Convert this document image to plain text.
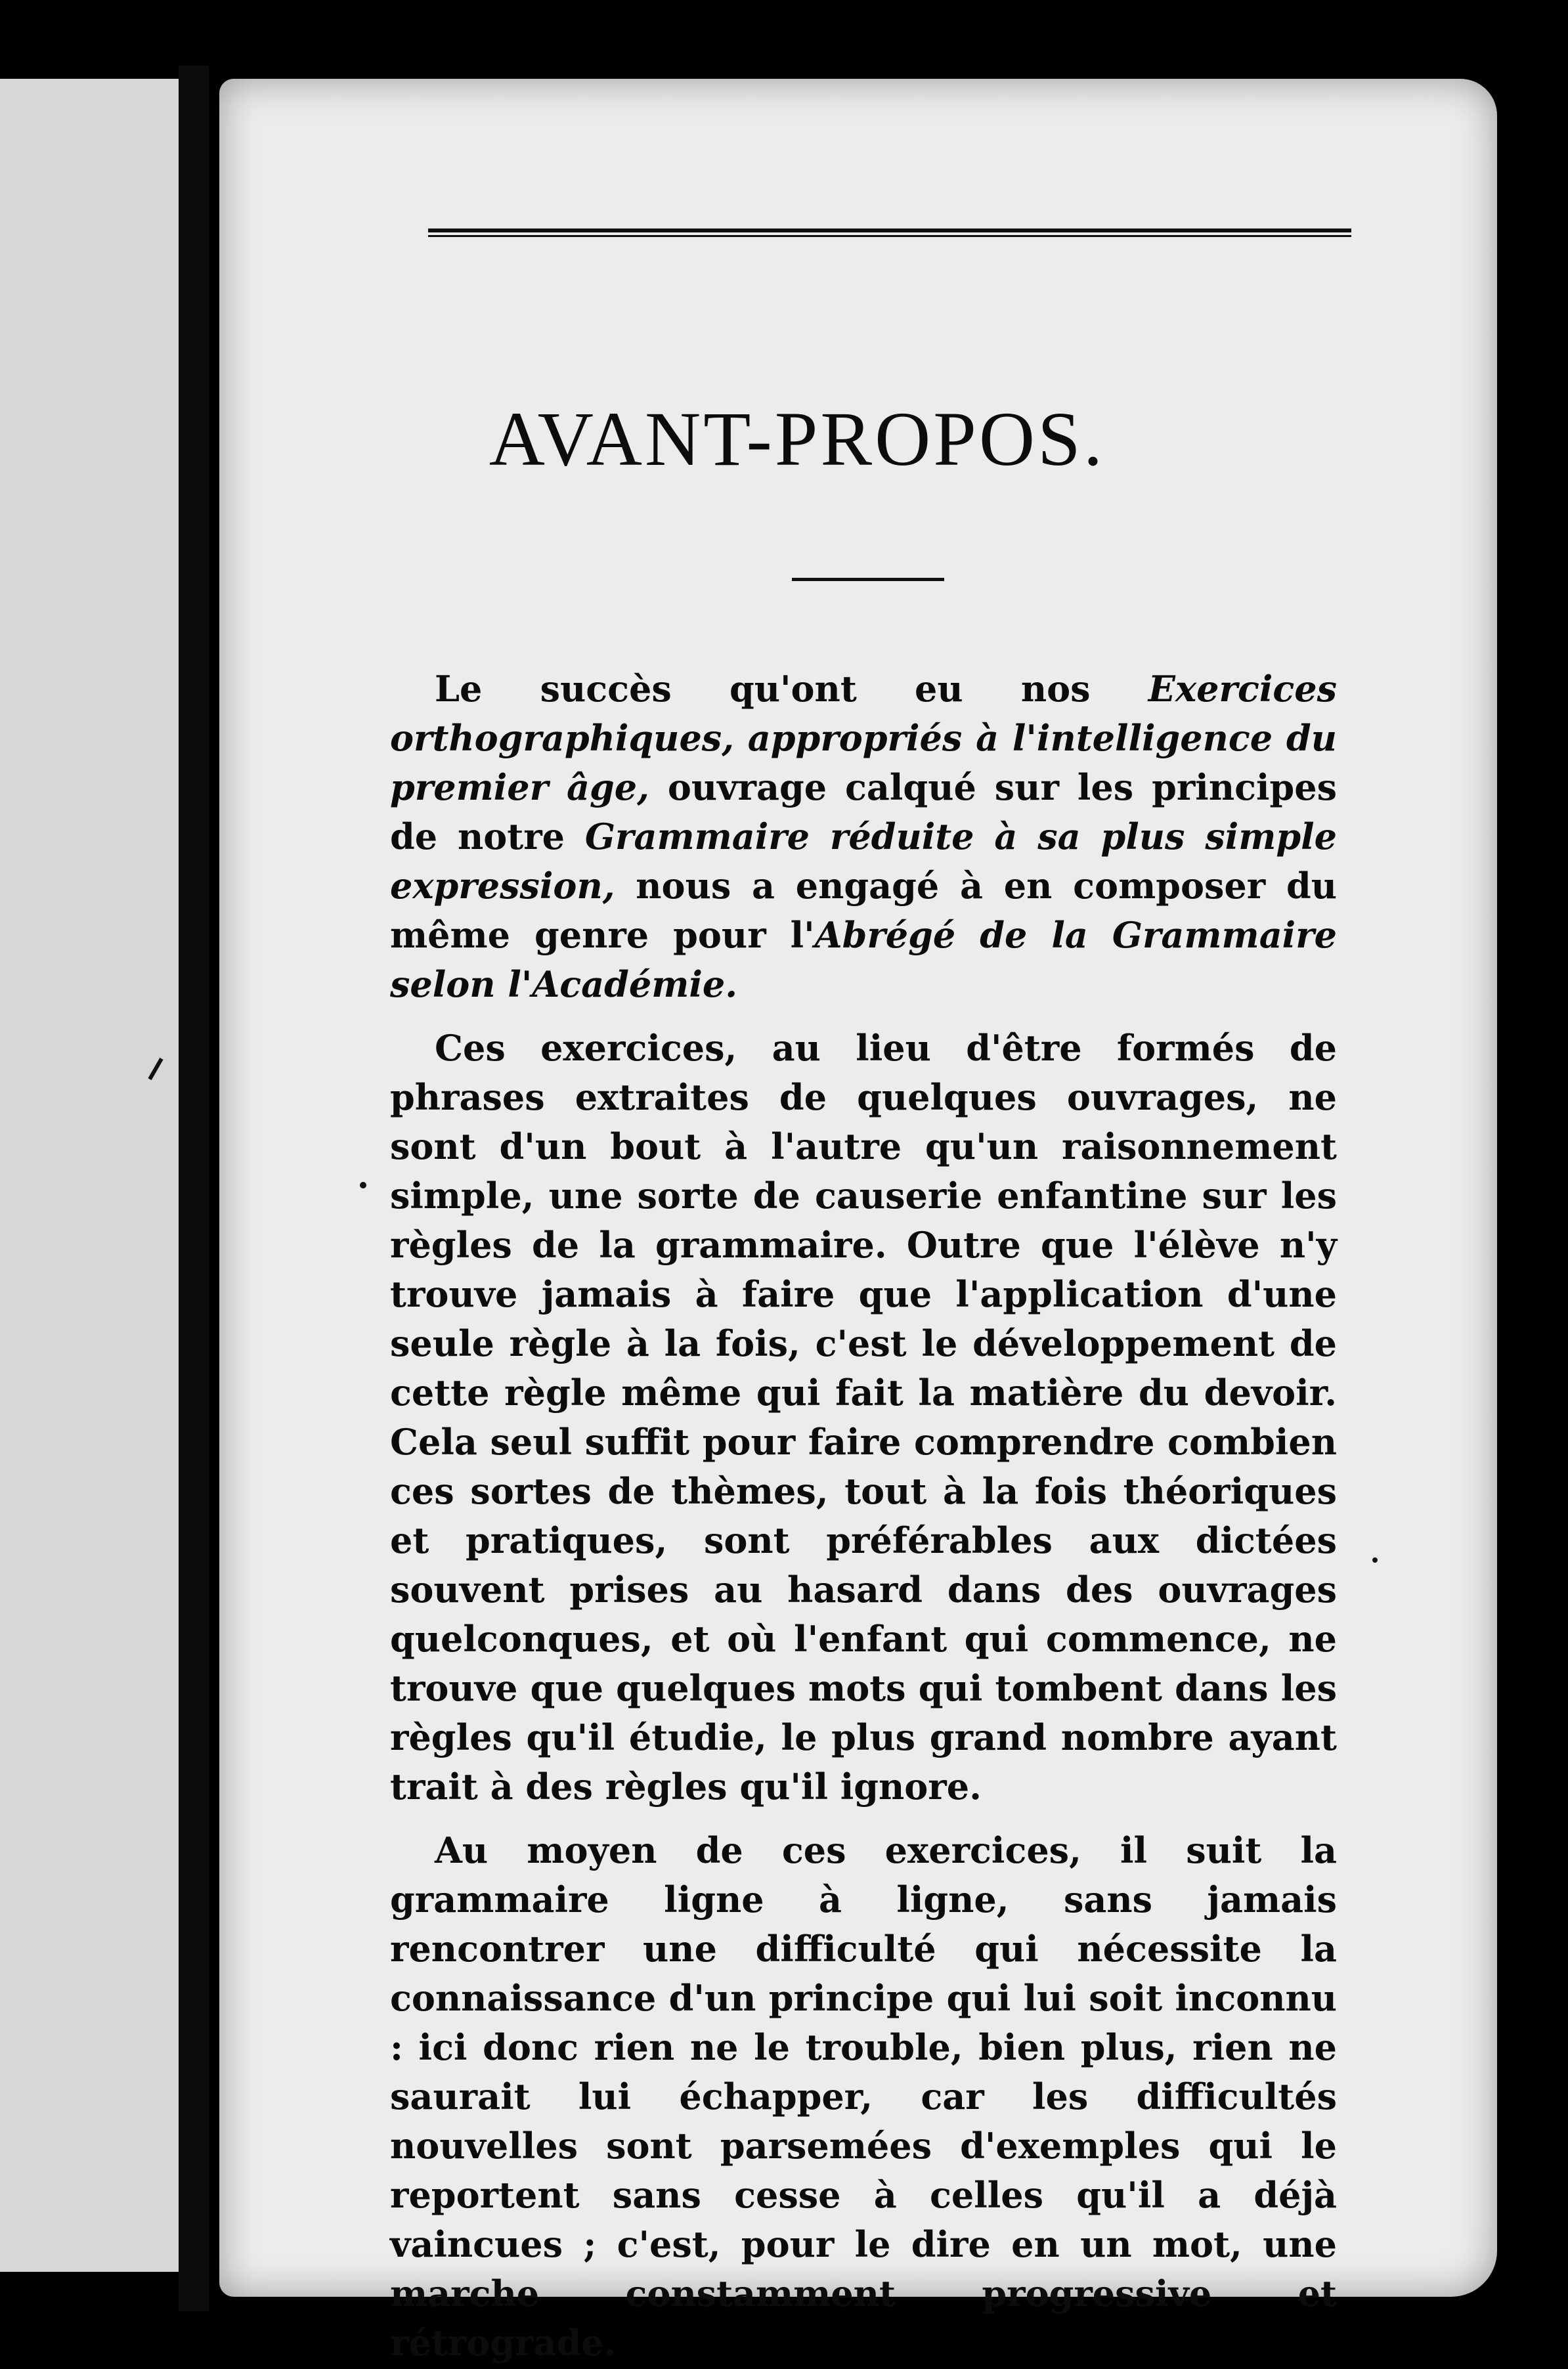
AVANT-PROPOS.

Le succès qu'ont eu nos Exercices orthographiques, appropriés à l'intelligence du premier âge, ouvrage calqué sur les principes de notre Grammaire réduite à sa plus simple expression, nous a engagé à en composer du même genre pour l'Abrégé de la Grammaire selon l'Académie.

Ces exercices, au lieu d'être formés de phrases extraites de quelques ouvrages, ne sont d'un bout à l'autre qu'un raisonnement simple, une sorte de causerie enfantine sur les règles de la grammaire. Outre que l'élève n'y trouve jamais à faire que l'application d'une seule règle à la fois, c'est le développement de cette règle même qui fait la matière du devoir. Cela seul suffit pour faire comprendre combien ces sortes de thèmes, tout à la fois théoriques et pratiques, sont préférables aux dictées souvent prises au hasard dans des ouvrages quelconques, et où l'enfant qui commence, ne trouve que quelques mots qui tombent dans les règles qu'il étudie, le plus grand nombre ayant trait à des règles qu'il ignore.

Au moyen de ces exercices, il suit la grammaire ligne à ligne, sans jamais rencontrer une difficulté qui nécessite la connaissance d'un principe qui lui soit inconnu : ici donc rien ne le trouble, bien plus, rien ne saurait lui échapper, car les difficultés nouvelles sont parsemées d'exemples qui le reportent sans cesse à celles qu'il a déjà vaincues ; c'est, pour le dire en un mot, une marche constamment progressive et rétrograde.
